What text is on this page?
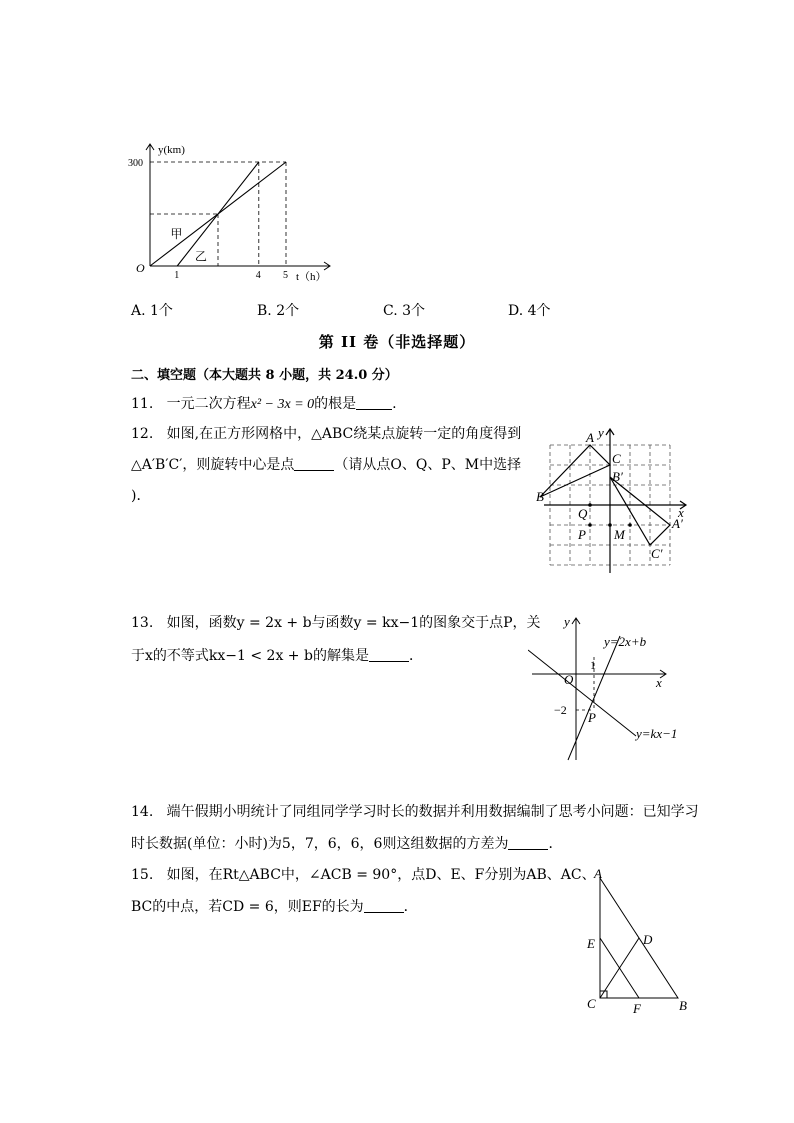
甲
乙
1	4 5
300
O
y(km)
t（h）
A. 1个	B. 2个	C. 3个	D. 4个
第 II 卷（非选择题）
二、填空题（本大题共 8 小题，共 24.0 分）
11. 一元二次方程x² − 3x = 0的根是	.
12. 如图,在正方形网格中，△ABC绕某点旋转一定的角度得到
△A′B′C′，则旋转中心是点	（请从点O、Q、P、M中选择
)．
A
B
C
A′
B′
C′
Q
P M
x
y
13. 如图，函数y = 2x + b与函数y = kx−1的图象交于点P，关
于x的不等式kx−1 < 2x + b的解集是	．
y
x
O
P
y=2x+b
y=kx−1
1
−2
14. 端午假期小明统计了同组同学学习时长的数据并利用数据编制了思考小问题：已知学习
时长数据(单位：小时)为5，7，6，6，6则这组数据的方差为	．
15. 如图，在Rt△ABC中，∠ACB = 90°，点D、E、F分别为AB、AC、
BC的中点，若CD = 6，则EF的长为	．
A
B
C
D
E
F
